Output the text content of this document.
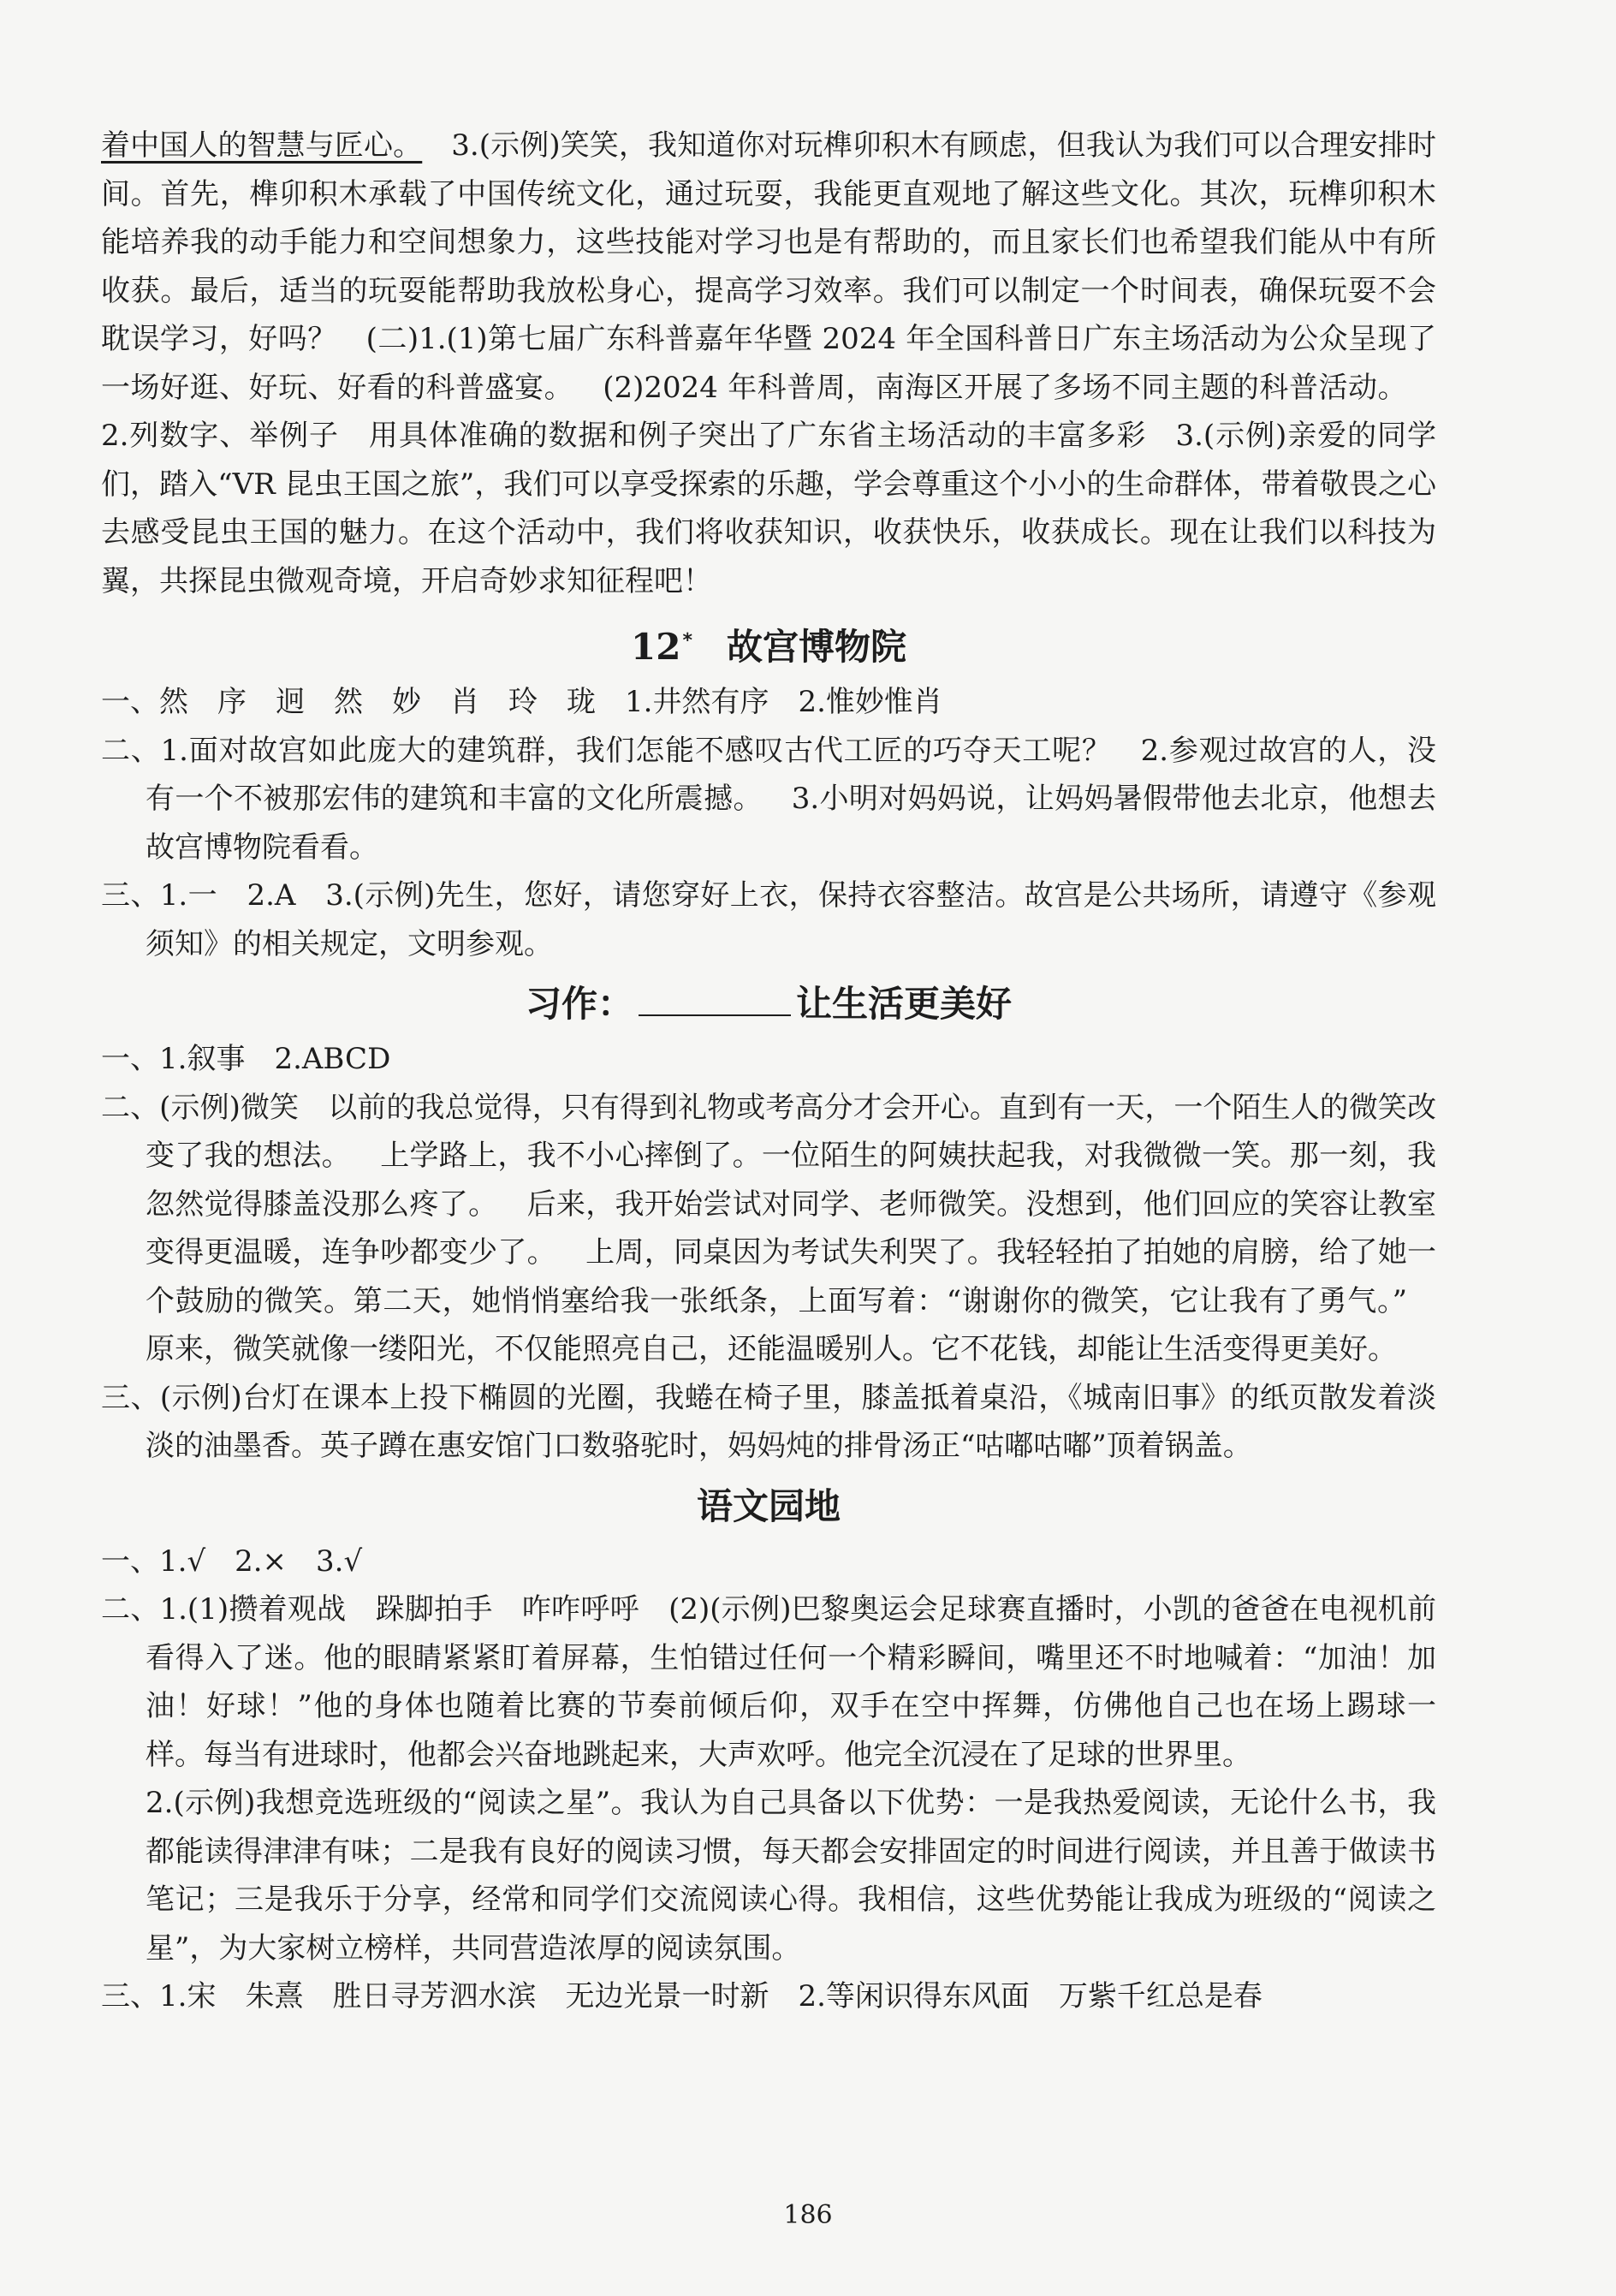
着中国人的智慧与匠心。 3.(示例)笑笑，我知道你对玩榫卯积木有顾虑，但我认为我们可以合理安排时间。首先，榫卯积木承载了中国传统文化，通过玩耍，我能更直观地了解这些文化。其次，玩榫卯积木能培养我的动手能力和空间想象力，这些技能对学习也是有帮助的，而且家长们也希望我们能从中有所收获。最后，适当的玩耍能帮助我放松身心，提高学习效率。我们可以制定一个时间表，确保玩耍不会耽误学习，好吗？ (二)1.(1)第七届广东科普嘉年华暨 2024 年全国科普日广东主场活动为公众呈现了一场好逛、好玩、好看的科普盛宴。 (2)2024 年科普周，南海区开展了多场不同主题的科普活动。2.列数字、举例子　用具体准确的数据和例子突出了广东省主场活动的丰富多彩 3.(示例)亲爱的同学们，踏入“VR 昆虫王国之旅”，我们可以享受探索的乐趣，学会尊重这个小小的生命群体，带着敬畏之心去感受昆虫王国的魅力。在这个活动中，我们将收获知识，收获快乐，收获成长。现在让我们以科技为翼，共探昆虫微观奇境，开启奇妙求知征程吧！

12* 故宫博物院

一、然　序　迥　然　妙　肖　玲　珑　1.井然有序　2.惟妙惟肖

二、1.面对故宫如此庞大的建筑群，我们怎能不感叹古代工匠的巧夺天工呢？ 2.参观过故宫的人，没有一个不被那宏伟的建筑和丰富的文化所震撼。 3.小明对妈妈说，让妈妈暑假带他去北京，他想去故宫博物院看看。

三、1.一　2.A　3.(示例)先生，您好，请您穿好上衣，保持衣容整洁。故宫是公共场所，请遵守《参观须知》的相关规定，文明参观。

习作：	让生活更美好

一、1.叙事　2.ABCD

二、(示例)微笑　以前的我总觉得，只有得到礼物或考高分才会开心。直到有一天，一个陌生人的微笑改变了我的想法。 上学路上，我不小心摔倒了。一位陌生的阿姨扶起我，对我微微一笑。那一刻，我忽然觉得膝盖没那么疼了。 后来，我开始尝试对同学、老师微笑。没想到，他们回应的笑容让教室变得更温暖，连争吵都变少了。 上周，同桌因为考试失利哭了。我轻轻拍了拍她的肩膀，给了她一个鼓励的微笑。第二天，她悄悄塞给我一张纸条，上面写着：“谢谢你的微笑，它让我有了勇气。”原来，微笑就像一缕阳光，不仅能照亮自己，还能温暖别人。它不花钱，却能让生活变得更美好。

三、(示例)台灯在课本上投下椭圆的光圈，我蜷在椅子里，膝盖抵着桌沿，《城南旧事》的纸页散发着淡淡的油墨香。英子蹲在惠安馆门口数骆驼时，妈妈炖的排骨汤正“咕嘟咕嘟”顶着锅盖。

语文园地

一、1.√　2.×　3.√

二、1.(1)攒着观战　跺脚拍手　咋咋呼呼　(2)(示例)巴黎奥运会足球赛直播时，小凯的爸爸在电视机前看得入了迷。他的眼睛紧紧盯着屏幕，生怕错过任何一个精彩瞬间，嘴里还不时地喊着：“加油！加油！好球！”他的身体也随着比赛的节奏前倾后仰，双手在空中挥舞，仿佛他自己也在场上踢球一样。每当有进球时，他都会兴奋地跳起来，大声欢呼。他完全沉浸在了足球的世界里。

2.(示例)我想竞选班级的“阅读之星”。我认为自己具备以下优势：一是我热爱阅读，无论什么书，我都能读得津津有味；二是我有良好的阅读习惯，每天都会安排固定的时间进行阅读，并且善于做读书笔记；三是我乐于分享，经常和同学们交流阅读心得。我相信，这些优势能让我成为班级的“阅读之星”，为大家树立榜样，共同营造浓厚的阅读氛围。

三、1.宋　朱熹　胜日寻芳泗水滨　无边光景一时新　2.等闲识得东风面　万紫千红总是春

186
